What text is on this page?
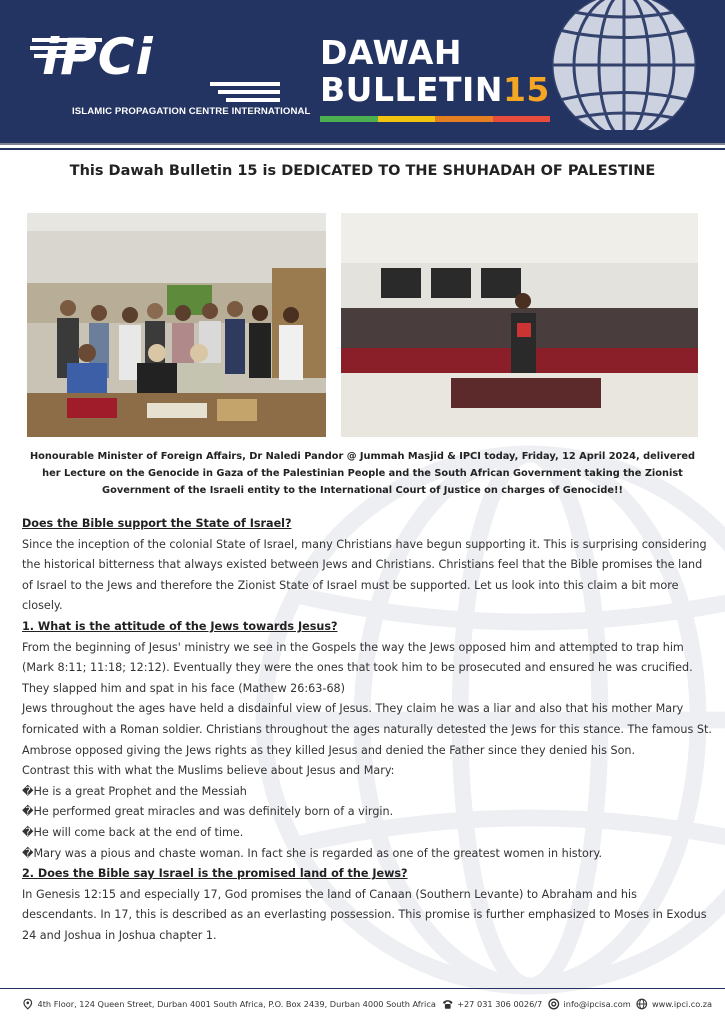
iPCi
ISLAMIC PROPAGATION CENTRE INTERNATIONAL
DAWAH
BULLETIN15
This Dawah Bulletin 15 is DEDICATED TO THE SHUHADAH OF PALESTINE
Honourable Minister of Foreign Affairs, Dr Naledi Pandor @ Jummah Masjid & IPCI today, Friday, 12 April 2024, delivered her Lecture on the Genocide in Gaza of the Palestinian People and the South African Government taking the Zionist Government of the Israeli entity to the International Court of Justice on charges of Genocide!!

Does the Bible support the State of Israel?

Since the inception of the colonial State of Israel, many Christians have begun supporting it. This is surprising considering the historical bitterness that always existed between Jews and Christians. Christians feel that the Bible promises the land of Israel to the Jews and therefore the Zionist State of Israel must be supported. Let us look into this claim a bit more closely.

1. What is the attitude of the Jews towards Jesus?

From the beginning of Jesus' ministry we see in the Gospels the way the Jews opposed him and attempted to trap him (Mark 8:11; 11:18; 12:12). Eventually they were the ones that took him to be prosecuted and ensured he was crucified. They slapped him and spat in his face (Mathew 26:63-68)

Jews throughout the ages have held a disdainful view of Jesus. They claim he was a liar and also that his mother Mary fornicated with a Roman soldier. Christians throughout the ages naturally detested the Jews for this stance. The famous St. Ambrose opposed giving the Jews rights as they killed Jesus and denied the Father since they denied his Son.

Contrast this with what the Muslims believe about Jesus and Mary:

�He is a great Prophet and the Messiah

�He performed great miracles and was definitely born of a virgin.

�He will come back at the end of time.

�Mary was a pious and chaste woman. In fact she is regarded as one of the greatest women in history.

2. Does the Bible say Israel is the promised land of the Jews?

In Genesis 12:15 and especially 17, God promises the land of Canaan (Southern Levante) to Abraham and his descendants. In 17, this is described as an everlasting possession. This promise is further emphasized to Moses in Exodus 24 and Joshua in Joshua chapter 1.

4th Floor, 124 Queen Street, Durban 4001 South Africa, P.O. Box 2439, Durban 4000 South Africa	+27 031 306 0026/7	info@ipcisa.com	www.ipci.co.za
